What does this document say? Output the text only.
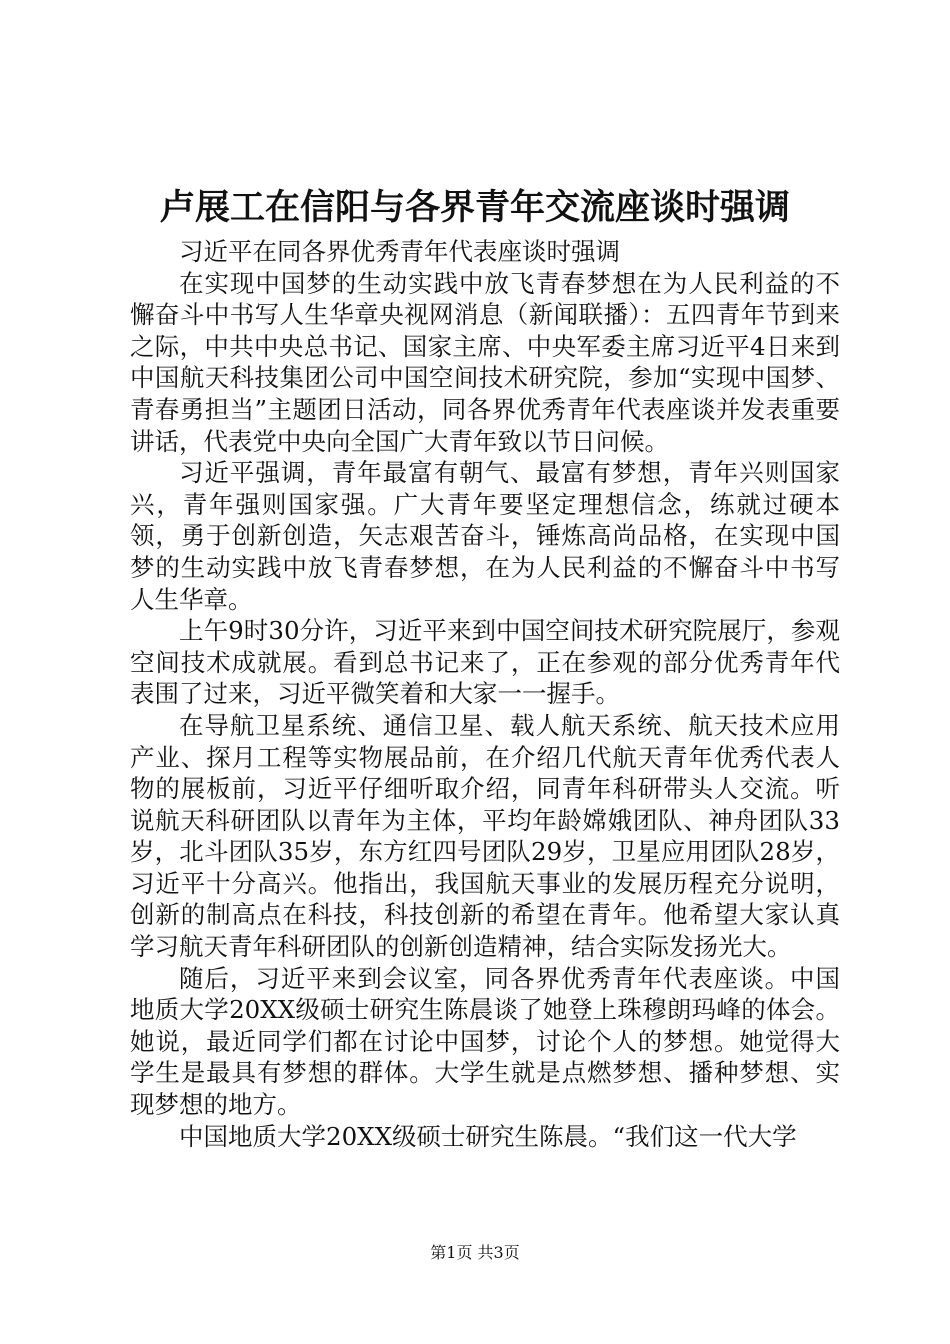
卢展工在信阳与各界青年交流座谈时强调

习近平在同各界优秀青年代表座谈时强调

在实现中国梦的生动实践中放飞青春梦想在为人民利益的不懈奋斗中书写人生华章央视网消息（新闻联播）：五四青年节到来之际，中共中央总书记、国家主席、中央军委主席习近平4日来到中国航天科技集团公司中国空间技术研究院，参加“实现中国梦、青春勇担当”主题团日活动，同各界优秀青年代表座谈并发表重要讲话，代表党中央向全国广大青年致以节日问候。

习近平强调，青年最富有朝气、最富有梦想，青年兴则国家兴，青年强则国家强。广大青年要坚定理想信念，练就过硬本领，勇于创新创造，矢志艰苦奋斗，锤炼高尚品格，在实现中国梦的生动实践中放飞青春梦想，在为人民利益的不懈奋斗中书写人生华章。

上午9时30分许，习近平来到中国空间技术研究院展厅，参观空间技术成就展。看到总书记来了，正在参观的部分优秀青年代表围了过来，习近平微笑着和大家一一握手。

在导航卫星系统、通信卫星、载人航天系统、航天技术应用产业、探月工程等实物展品前，在介绍几代航天青年优秀代表人物的展板前，习近平仔细听取介绍，同青年科研带头人交流。听说航天科研团队以青年为主体，平均年龄嫦娥团队、神舟团队33岁，北斗团队35岁，东方红四号团队29岁，卫星应用团队28岁，习近平十分高兴。他指出，我国航天事业的发展历程充分说明，创新的制高点在科技，科技创新的希望在青年。他希望大家认真学习航天青年科研团队的创新创造精神，结合实际发扬光大。

随后，习近平来到会议室，同各界优秀青年代表座谈。中国地质大学20XX级硕士研究生陈晨谈了她登上珠穆朗玛峰的体会。她说，最近同学们都在讨论中国梦，讨论个人的梦想。她觉得大学生是最具有梦想的群体。大学生就是点燃梦想、播种梦想、实现梦想的地方。

中国地质大学20XX级硕士研究生陈晨。“我们这一代大学

第1页 共3页
